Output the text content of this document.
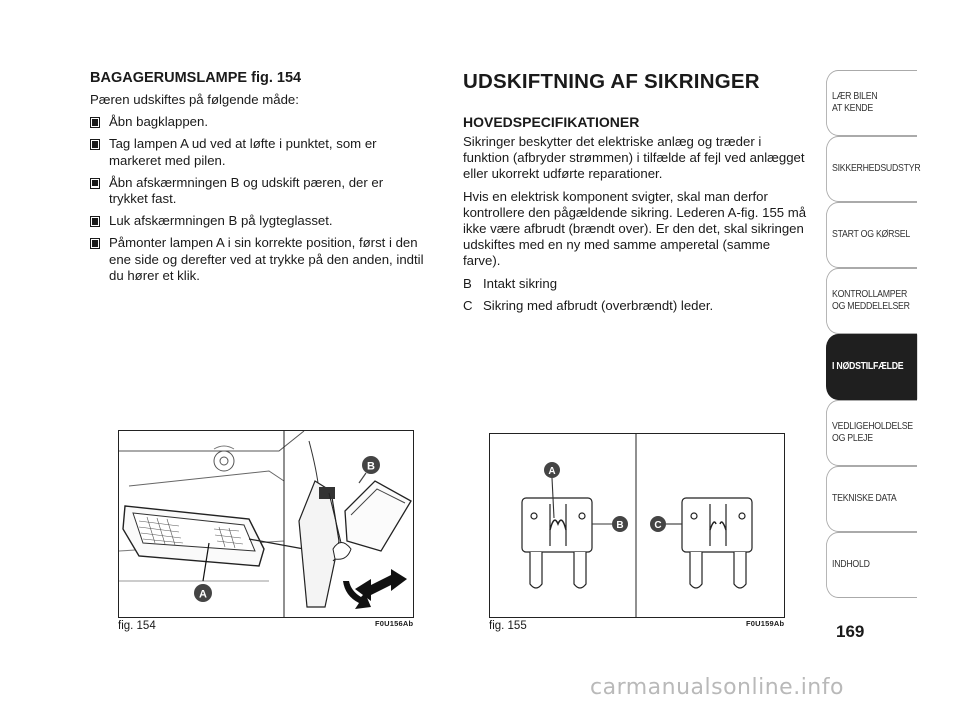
BAGAGERUMSLAMPE fig. 154

Pæren udskiftes på følgende måde:

Åbn bagklappen.
Tag lampen A ud ved at løfte i punktet, som er markeret med pilen.
Åbn afskærmningen B og udskift pæren, der er trykket fast.
Luk afskærmningen B på lygteglasset.
Påmonter lampen A i sin korrekte position, først i den ene side og derefter ved at trykke på den anden, indtil du hører et klik.
UDSKIFTNING AF SIKRINGER
HOVEDSPECIFIKATIONER

Sikringer beskytter det elektriske anlæg og træder i funktion (afbryder strømmen) i tilfælde af fejl ved anlægget eller ukorrekt udførte reparationer.

Hvis en elektrisk komponent svigter, skal man derfor kontrollere den pågældende sikring. Lederen A-fig. 155 må ikke være afbrudt (brændt over). Er den det, skal sikringen udskiftes med en ny med samme amperetal (samme farve).

B Intakt sikring
C Sikring med afbrudt (overbrændt) leder.
B
A
fig. 154	F0U156Ab
A
B	C
fig. 155	F0U159Ab
LÆR BILEN
AT KENDE
SIKKERHEDSUDSTYR
START OG KØRSEL
KONTROLLAMPER
OG MEDDELELSER
I NØDSTILFÆLDE
VEDLIGEHOLDELSE
OG PLEJE
TEKNISKE DATA
INDHOLD
169
carmanualsonline.info
